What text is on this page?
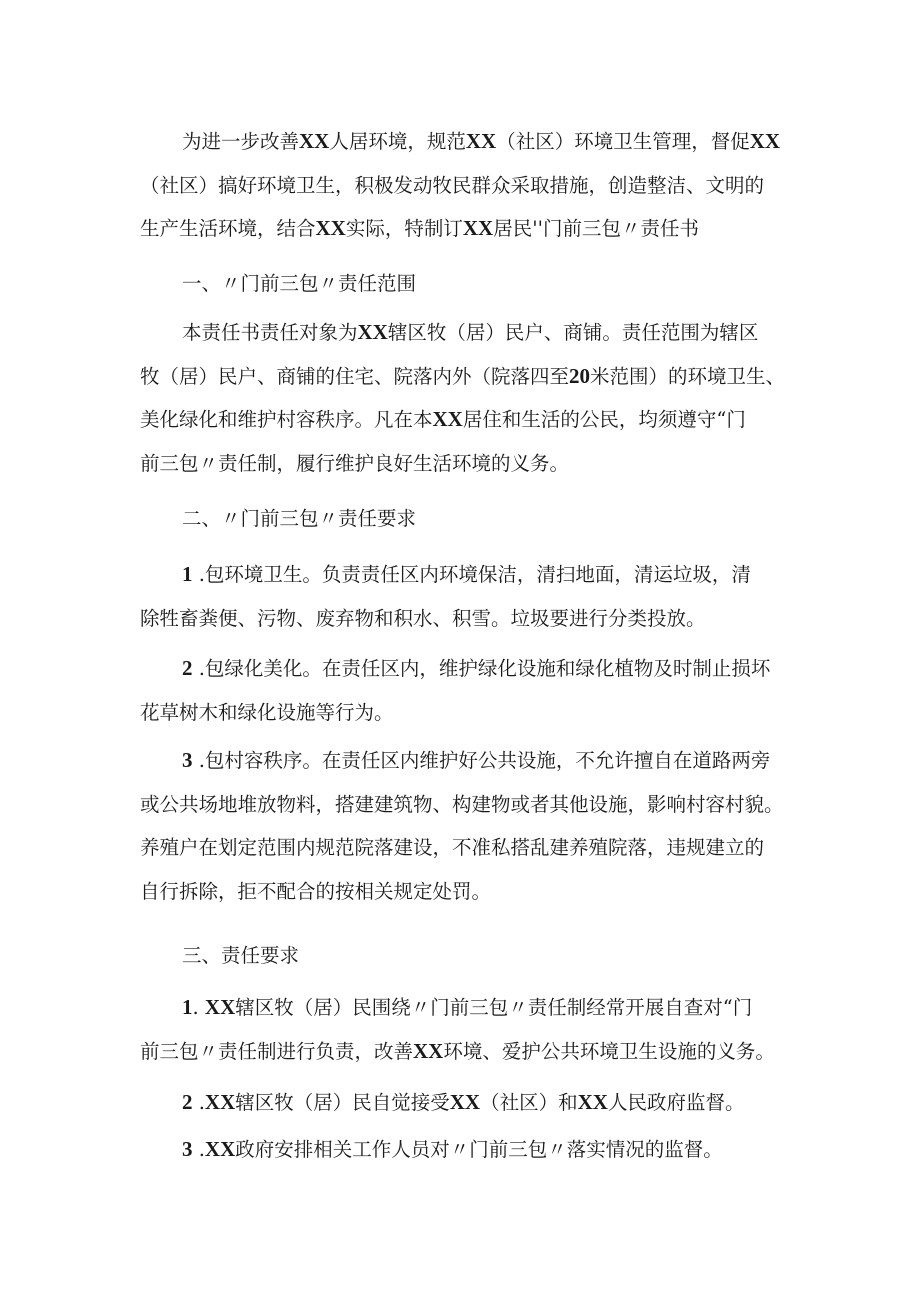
为进一步改善XX人居环境，规范XX（社区）环境卫生管理，督促XX
（社区）搞好环境卫生，积极发动牧民群众采取措施，创造整洁、文明的
生产生活环境，结合XX实际，特制订XX居民''门前三包〃责任书
一、〃门前三包〃责任范围
本责任书责任对象为XX辖区牧（居）民户、商铺。责任范围为辖区
牧（居）民户、商铺的住宅、院落内外（院落四至20米范围）的环境卫生、
美化绿化和维护村容秩序。凡在本XX居住和生活的公民，均须遵守“门
前三包〃责任制，履行维护良好生活环境的义务。
二、〃门前三包〃责任要求
1 .包环境卫生。负责责任区内环境保洁，清扫地面，清运垃圾，清
除牲畜粪便、污物、废弃物和积水、积雪。垃圾要进行分类投放。
2 .包绿化美化。在责任区内，维护绿化设施和绿化植物及时制止损坏
花草树木和绿化设施等行为。
3 .包村容秩序。在责任区内维护好公共设施，不允许擅自在道路两旁
或公共场地堆放物料，搭建建筑物、构建物或者其他设施，影响村容村貌。
养殖户在划定范围内规范院落建设，不准私搭乱建养殖院落，违规建立的
自行拆除，拒不配合的按相关规定处罚。
三、责任要求
1. XX辖区牧（居）民围绕〃门前三包〃责任制经常开展自查对“门
前三包〃责任制进行负责，改善XX环境、爱护公共环境卫生设施的义务。
2 .XX辖区牧（居）民自觉接受XX（社区）和XX人民政府监督。
3 .XX政府安排相关工作人员对〃门前三包〃落实情况的监督。
